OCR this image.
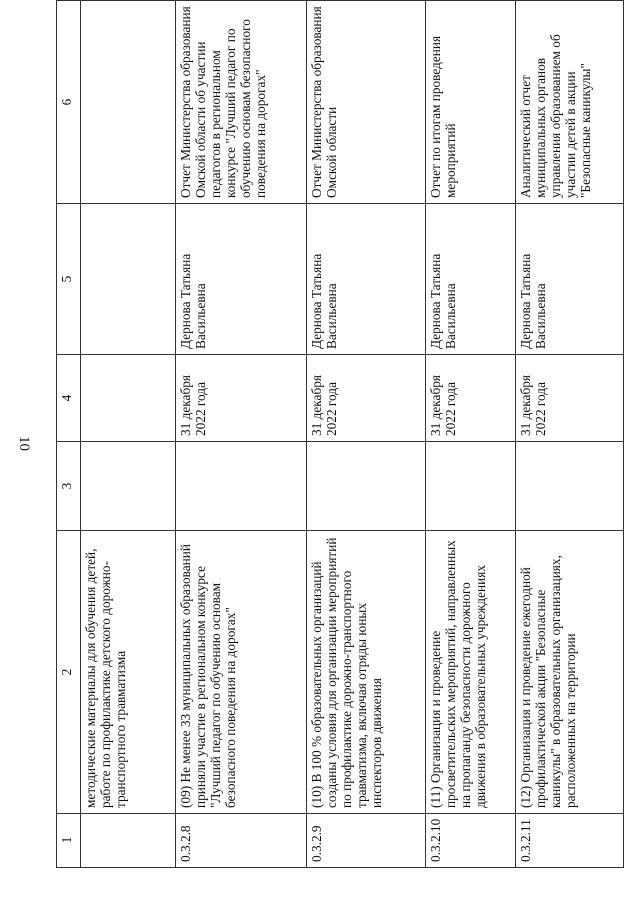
10
1	2	3	4	5	6
	методические материалы для обучения детей, работе по профилактике детского дорожно-транспортного травматизма				
0.3.2.8	(09) Не менее 33 муниципальных образований приняли участие в региональном конкурсе "Лучший педагог по обучению основам безопасного поведения на дорогах"		31 декабря 2022 года	Дернова Татьяна Васильевна	Отчет Министерства образования Омской области об участии педагогов в региональном конкурсе "Лучший педагог по обучению основам безопасного поведения на дорогах"
0.3.2.9	(10) В 100 % образовательных организаций созданы условия для организации мероприятий по профилактике дорожно-транспортного травматизма, включая отряды юных инспекторов движения		31 декабря 2022 года	Дернова Татьяна Васильевна	Отчет Министерства образования Омской области
0.3.2.10	(11) Организация и проведение просветительских мероприятий, направленных на пропаганду безопасности дорожного движения в образовательных учреждениях		31 декабря 2022 года	Дернова Татьяна Васильевна	Отчет по итогам проведения мероприятий
0.3.2.11	(12) Организация и проведение ежегодной профилактической акции "Безопасные каникулы" в образовательных организациях, расположенных на территории		31 декабря 2022 года	Дернова Татьяна Васильевна	Аналитический отчет муниципальных органов управления образованием об участии детей в акции "Безопасные каникулы"
